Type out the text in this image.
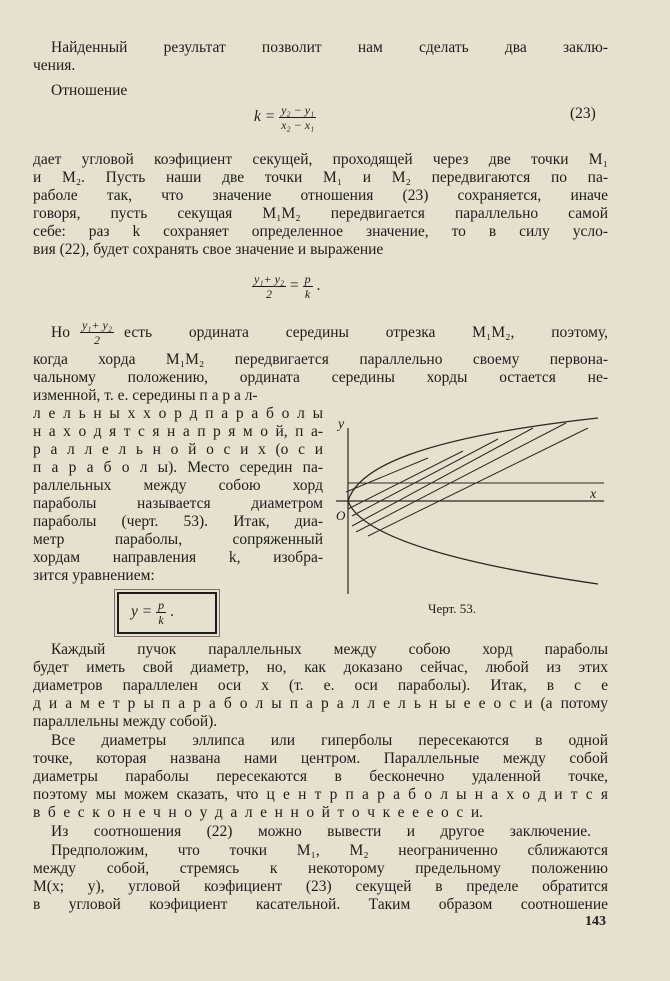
Найденный результат позволит нам сделать два заклю-
чения.
Отношение
$k = \frac{\text{y₂ − y₁}}{\text{x₂ − x₁}}$	(23)
дает угловой коэфициент секущей, проходящей через две точки M₁
и M₂. Пусть наши две точки M₁ и M₂ передвигаются по па-
раболе так, что значение отношения (23) сохраняется, иначе
говоря, пусть секущая M₁M₂ передвигается параллельно самой
себе: раз k сохраняет определенное значение, то в силу усло-
вия (22), будет сохранять свое значение и выражение
$\frac{\text{y₁+ y₂}}{2} = \frac{p}{k}$ .
Но $\frac{\text{y₁+ y₂}}{2}$ есть ордината середины отрезка M₁M₂, поэтому,
когда хорда M₁M₂ передвигается параллельно своему первона-
чальному положению, ордината середины хорды остается не-
изменной, т. е. середины п а р а л-
л е л ь н ы х х о р д п а р а б о л ы
н а х о д я т с я н а п р я м о й, п а-
р а л л е л ь н о й о с и x (о с и
п а р а б о л ы). Место середин па-
раллельных между собою хорд
параболы называется диаметром
параболы (черт. 53). Итак, диа-
метр параболы, сопряженный
хордам направления k, изобра-
зится уравнением:
$y = \frac{p}{k}$ .
y
x
O
Черт. 53.
Каждый пучок параллельных между собою хорд параболы
будет иметь свой диаметр, но, как доказано сейчас, любой из этих
диаметров параллелен оси x (т. е. оси параболы). Итак, в с е
д и а м е т р ы п а р а б о л ы п а р а л л е л ь н ы е е о с и (а потому
параллельны между собой).
Все диаметры эллипса или гиперболы пересекаются в одной
точке, которая названа нами центром. Параллельные между собой
диаметры параболы пересекаются в бесконечно удаленной точке,
поэтому мы можем сказать, что ц е н т р п а р а б о л ы н а х о д и т с я
в б е с к о н е ч н о у д а л е н н о й т о ч к е е е о с и.
Из соотношения (22) можно вывести и другое заключение.
Предположим, что точки M₁, M₂ неограниченно сближаются
между собой, стремясь к некоторому предельному положению
M(x; y), угловой коэфициент (23) секущей в пределе обратится
в угловой коэфициент касательной. Таким образом соотношение
143
